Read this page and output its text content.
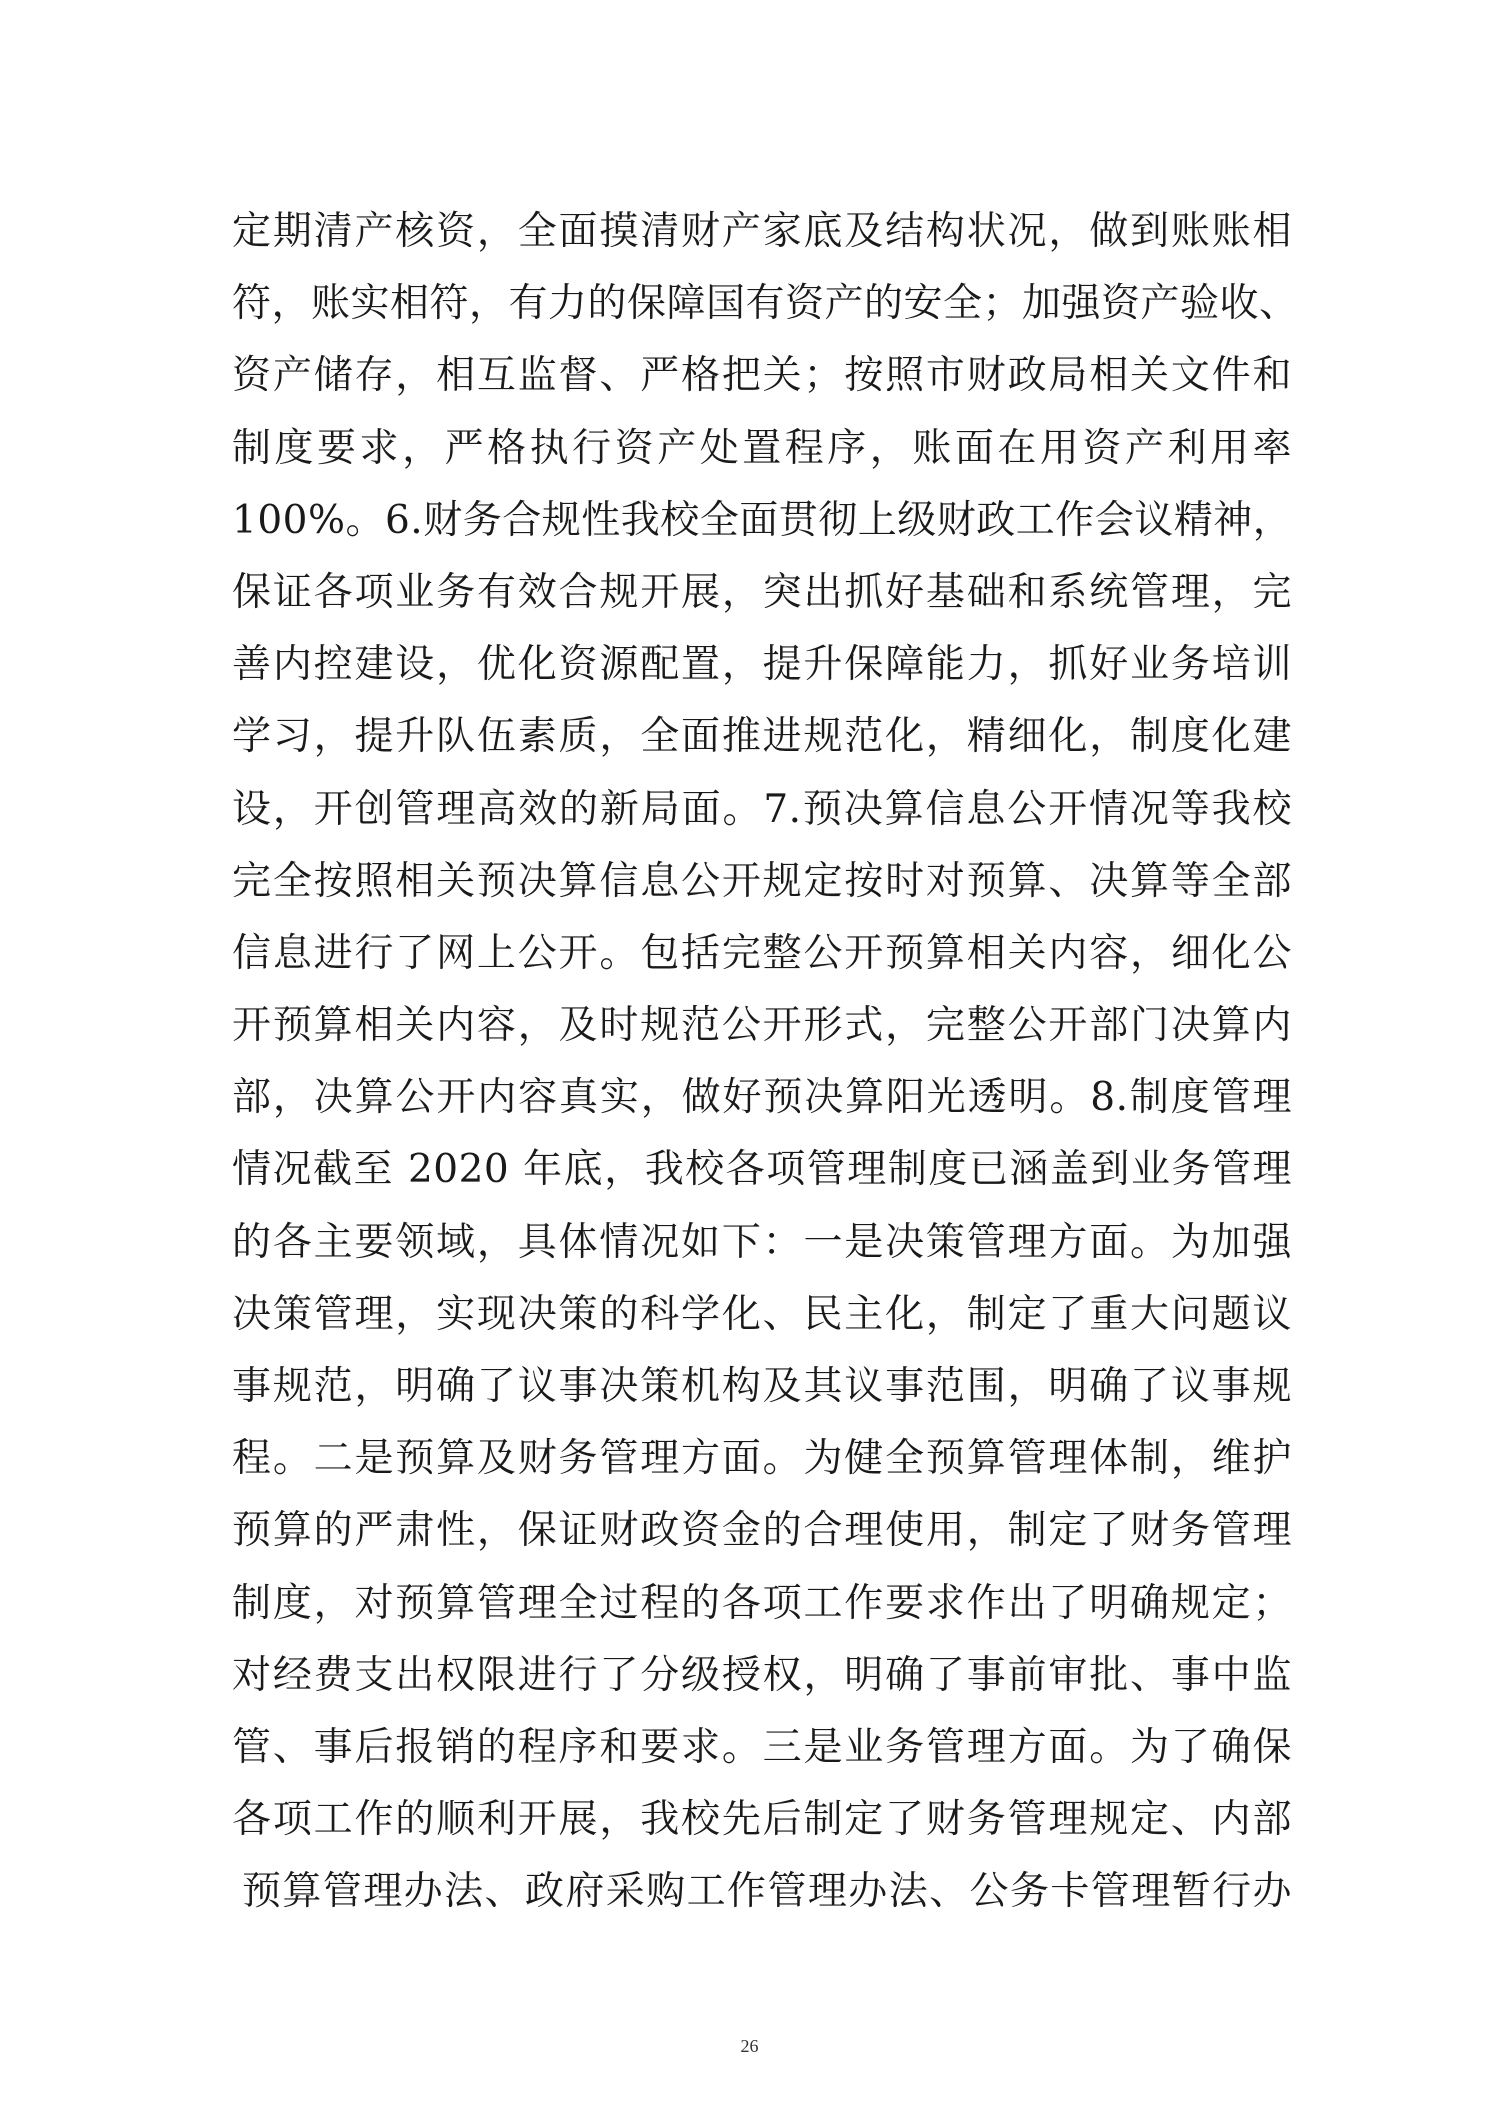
定期清产核资，全面摸清财产家底及结构状况，做到账账相
符，账实相符，有力的保障国有资产的安全；加强资产验收、
资产储存，相互监督、严格把关；按照市财政局相关文件和
制度要求，严格执行资产处置程序，账面在用资产利用率
100%。6.财务合规性我校全面贯彻上级财政工作会议精神，
保证各项业务有效合规开展，突出抓好基础和系统管理，完
善内控建设，优化资源配置，提升保障能力，抓好业务培训
学习，提升队伍素质，全面推进规范化，精细化，制度化建
设，开创管理高效的新局面。7.预决算信息公开情况等我校
完全按照相关预决算信息公开规定按时对预算、决算等全部
信息进行了网上公开。包括完整公开预算相关内容，细化公
开预算相关内容，及时规范公开形式，完整公开部门决算内
部，决算公开内容真实，做好预决算阳光透明。8.制度管理
情况截至 2020 年底，我校各项管理制度已涵盖到业务管理
的各主要领域，具体情况如下：一是决策管理方面。为加强
决策管理，实现决策的科学化、民主化，制定了重大问题议
事规范，明确了议事决策机构及其议事范围，明确了议事规
程。二是预算及财务管理方面。为健全预算管理体制，维护
预算的严肃性，保证财政资金的合理使用，制定了财务管理
制度，对预算管理全过程的各项工作要求作出了明确规定；
对经费支出权限进行了分级授权，明确了事前审批、事中监
管、事后报销的程序和要求。三是业务管理方面。为了确保
各项工作的顺利开展，我校先后制定了财务管理规定、内部
预算管理办法、政府采购工作管理办法、公务卡管理暂行办
26
